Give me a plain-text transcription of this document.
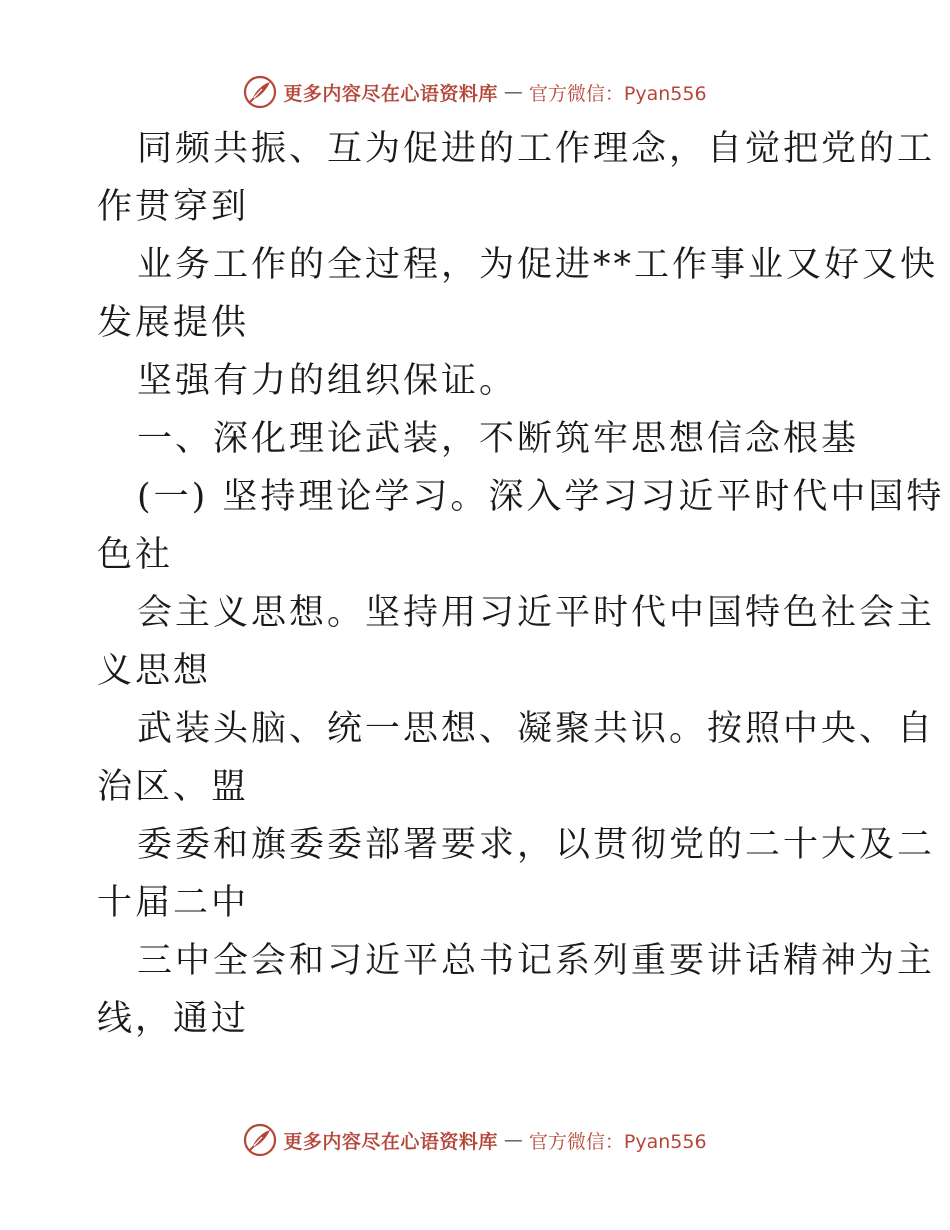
更多内容尽在心语资料库 — 官方微信：Pyan556
同频共振、互为促进的工作理念，自觉把党的工
作贯穿到
业务工作的全过程，为促进**工作事业又好又快
发展提供
坚强有力的组织保证。
一、深化理论武装，不断筑牢思想信念根基
(一) 坚持理论学习。深入学习习近平时代中国特
色社
会主义思想。坚持用习近平时代中国特色社会主
义思想
武装头脑、统一思想、凝聚共识。按照中央、自
治区、盟
委委和旗委委部署要求，以贯彻党的二十大及二
十届二中
三中全会和习近平总书记系列重要讲话精神为主
线，通过
更多内容尽在心语资料库 — 官方微信：Pyan556
